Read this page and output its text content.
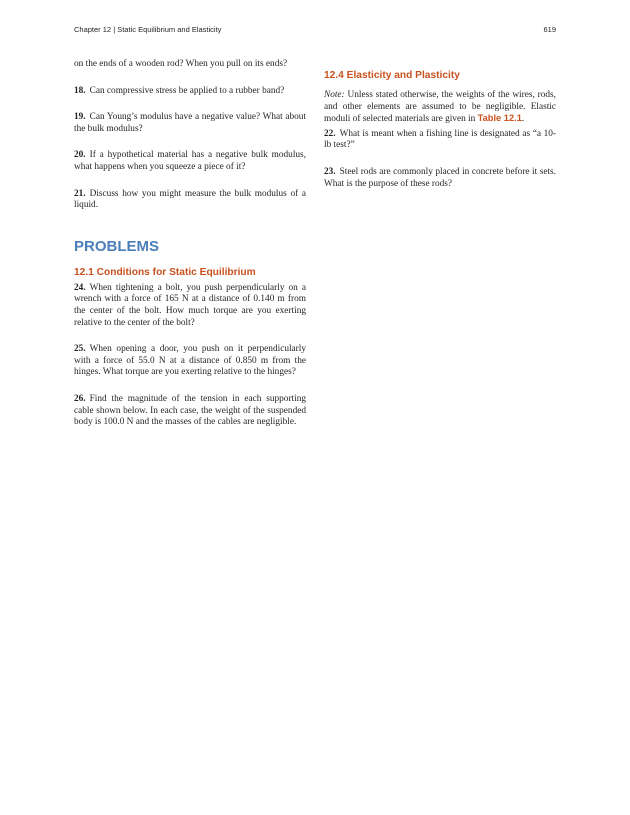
Chapter 12 | Static Equilibrium and Elasticity	619

on the ends of a wooden rod? When you pull on its ends?

18. Can compressive stress be applied to a rubber band?

19. Can Young’s modulus have a negative value? What about the bulk modulus?

20. If a hypothetical material has a negative bulk modulus, what happens when you squeeze a piece of it?

21. Discuss how you might measure the bulk modulus of a liquid.

PROBLEMS
12.1 Conditions for Static Equilibrium

24. When tightening a bolt, you push perpendicularly on a wrench with a force of 165 N at a distance of 0.140 m from the center of the bolt. How much torque are you exerting relative to the center of the bolt?

25. When opening a door, you push on it perpendicularly with a force of 55.0 N at a distance of 0.850 m from the hinges. What torque are you exerting relative to the hinges?

26. Find the magnitude of the tension in each supporting cable shown below. In each case, the weight of the suspended body is 100.0 N and the masses of the cables are negligible.

12.4 Elasticity and Plasticity

Note: Unless stated otherwise, the weights of the wires, rods, and other elements are assumed to be negligible. Elastic moduli of selected materials are given in Table 12.1.

22. What is meant when a fishing line is designated as “a 10-lb test?”

23. Steel rods are commonly placed in concrete before it sets. What is the purpose of these rods?
